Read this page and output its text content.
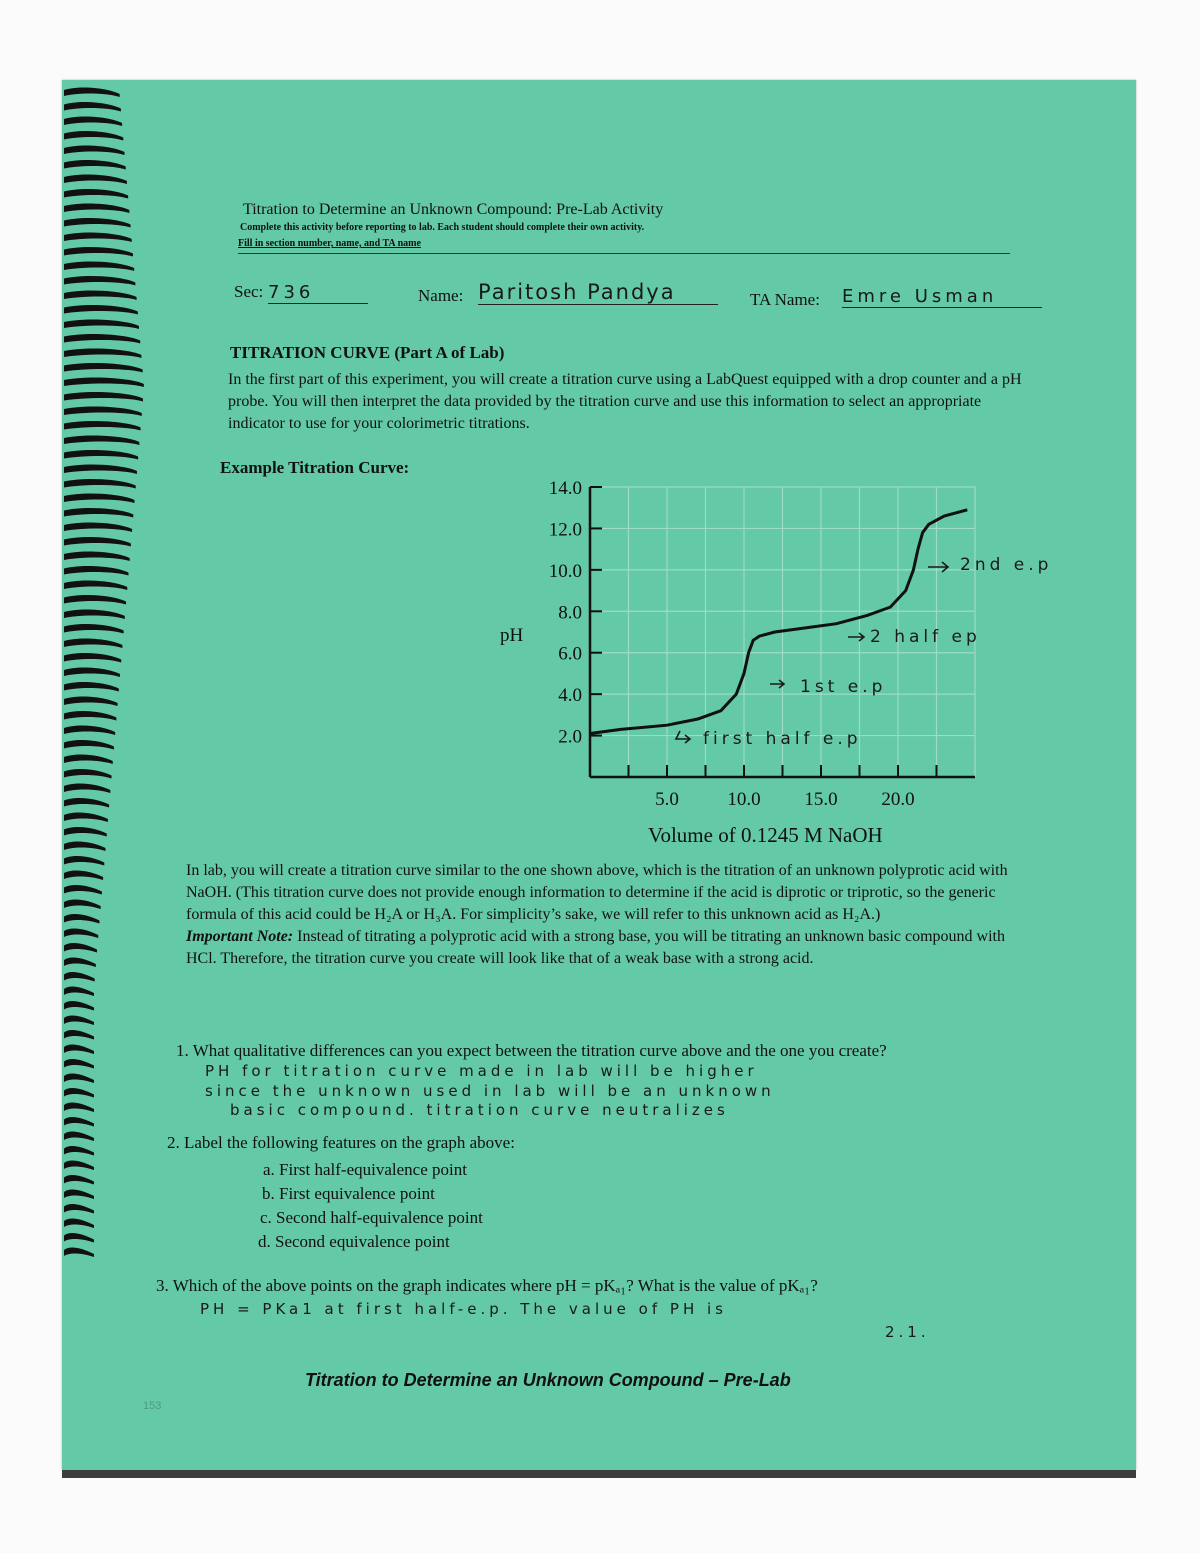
Titration to Determine an Unknown Compound: Pre-Lab Activity
Complete this activity before reporting to lab. Each student should complete their own activity.
Fill in section number, name, and TA name
Sec: 736	Name: Paritosh Pandya	TA Name: Emre Usman
TITRATION CURVE (Part A of Lab)
In the first part of this experiment, you will create a titration curve using a LabQuest equipped with a drop counter and a pH probe. You will then interpret the data provided by the titration curve and use this information to select an appropriate indicator to use for your colorimetric titrations.
Example Titration Curve:
14.0
12.0
10.0
8.0
6.0
4.0
2.0
5.0	10.0 15.0 20.0
pH
Volume of 0.1245 M NaOH
2nd e.p
2 half ep
1st e.p
first half e.p
In lab, you will create a titration curve similar to the one shown above, which is the titration of an unknown polyprotic acid with NaOH. (This titration curve does not provide enough information to determine if the acid is diprotic or triprotic, so the generic formula of this acid could be H₂A or H₃A. For simplicity’s sake, we will refer to this unknown acid as H₂A.)
Important Note: Instead of titrating a polyprotic acid with a strong base, you will be titrating an unknown basic compound with HCl. Therefore, the titration curve you create will look like that of a weak base with a strong acid.
1. What qualitative differences can you expect between the titration curve above and the one you create?
PH for titration curve made in lab will be higher
since the unknown used in lab will be an unknown
basic compound. titration curve neutralizes
2. Label the following features on the graph above:
a. First half-equivalence point
b. First equivalence point
c. Second half-equivalence point
d. Second equivalence point
3. Which of the above points on the graph indicates where pH = pKₐ₁? What is the value of pKₐ₁?
PH = PKa1 at first half-e.p. The value of PH is
2.1.
Titration to Determine an Unknown Compound – Pre-Lab
153
